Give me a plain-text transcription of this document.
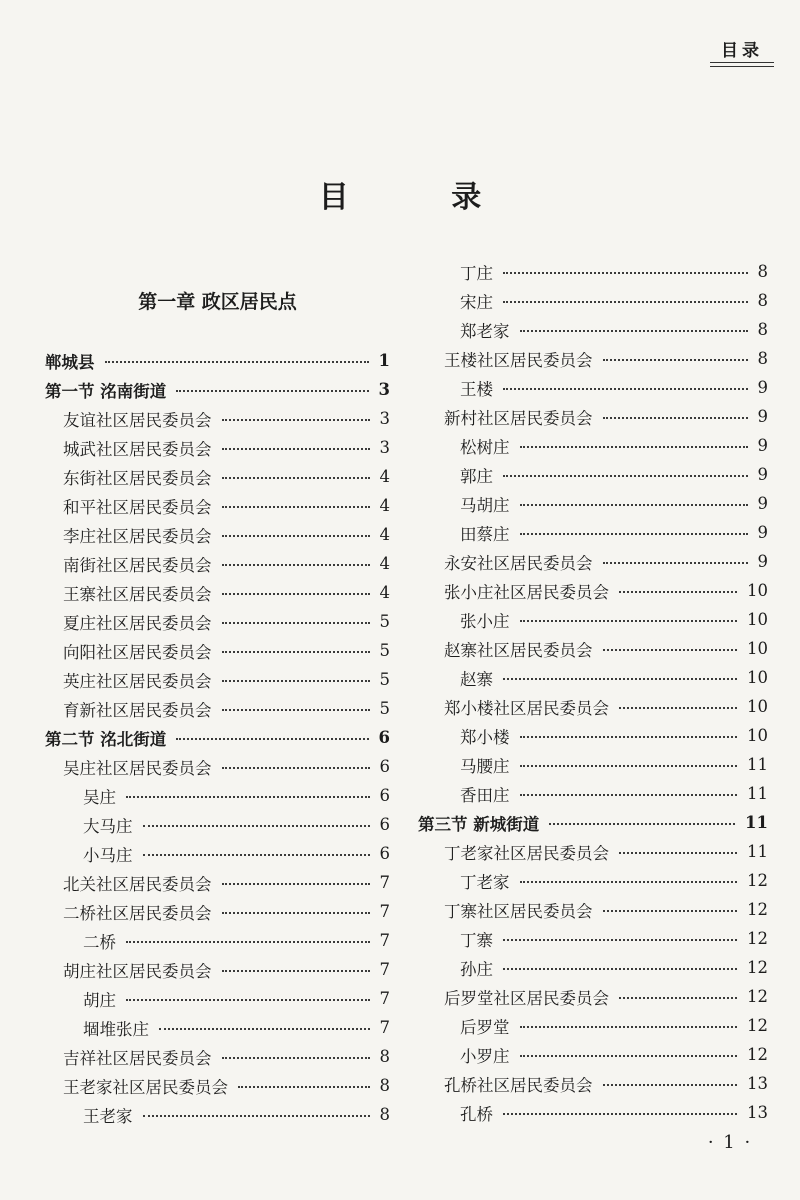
目录
目 录
第一章 政区居民点
郸城县	1
第一节 洺南街道	3
友谊社区居民委员会	3
城武社区居民委员会	3
东街社区居民委员会	4
和平社区居民委员会	4
李庄社区居民委员会	4
南街社区居民委员会	4
王寨社区居民委员会	4
夏庄社区居民委员会	5
向阳社区居民委员会	5
英庄社区居民委员会	5
育新社区居民委员会	5
第二节 洺北街道	6
吴庄社区居民委员会	6
吴庄	6
大马庄	6
小马庄	6
北关社区居民委员会	7
二桥社区居民委员会	7
二桥	7
胡庄社区居民委员会	7
胡庄	7
堌堆张庄	7
吉祥社区居民委员会	8
王老家社区居民委员会	8
王老家	8
丁庄	8
宋庄	8
郑老家	8
王楼社区居民委员会	8
王楼	9
新村社区居民委员会	9
松树庄	9
郭庄	9
马胡庄	9
田蔡庄	9
永安社区居民委员会	9
张小庄社区居民委员会	10
张小庄	10
赵寨社区居民委员会	10
赵寨	10
郑小楼社区居民委员会	10
郑小楼	10
马腰庄	11
香田庄	11
第三节 新城街道	11
丁老家社区居民委员会	11
丁老家	12
丁寨社区居民委员会	12
丁寨	12
孙庄	12
后罗堂社区居民委员会	12
后罗堂	12
小罗庄	12
孔桥社区居民委员会	13
孔桥	13
· 1 ·
